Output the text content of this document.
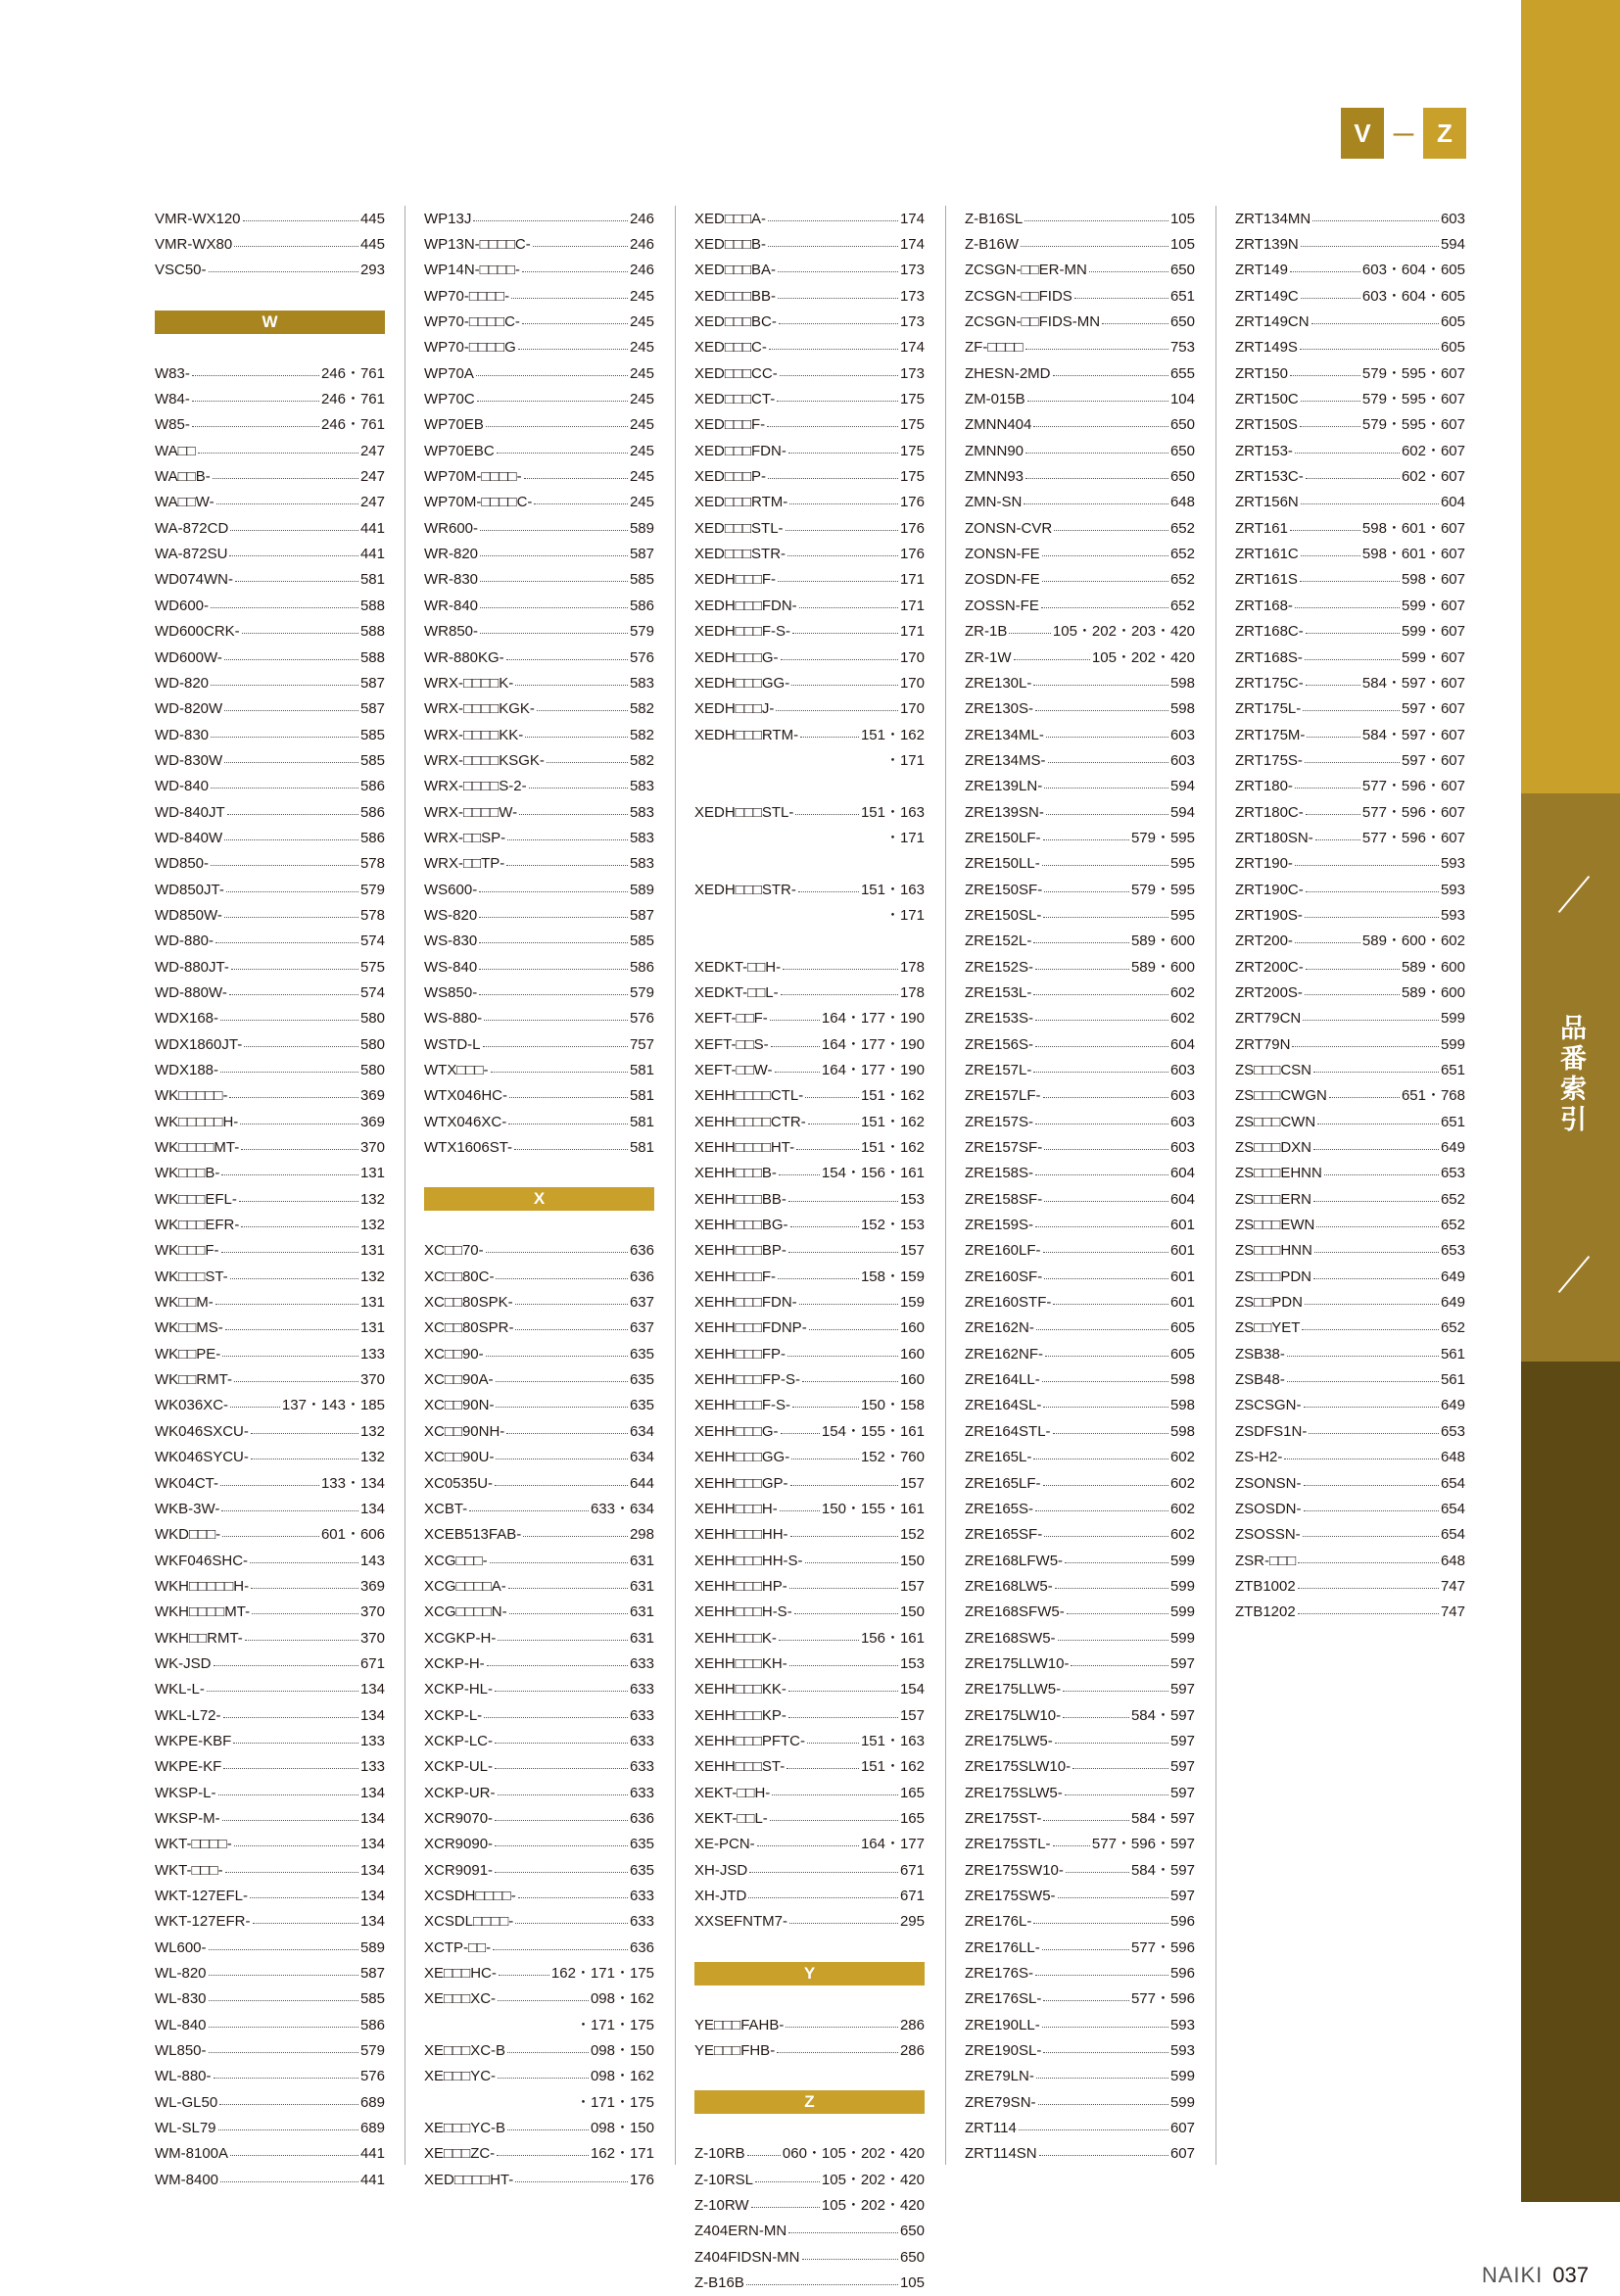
品番索引
V － Z
VMR-WX120	445
VMR-WX80	445
VSC50-	293
W
W83-	246・761
W84-	246・761
W85-	246・761
WA□□	247
WA□□B-	247
WA□□W-	247
WA-872CD	441
WA-872SU	441
WD074WN-	581
WD600-	588
WD600CRK-	588
WD600W-	588
WD-820	587
WD-820W	587
WD-830	585
WD-830W	585
WD-840	586
WD-840JT	586
WD-840W	586
WD850-	578
WD850JT-	579
WD850W-	578
WD-880-	574
WD-880JT-	575
WD-880W-	574
WDX168-	580
WDX1860JT-	580
WDX188-	580
WK□□□□□-	369
WK□□□□□H-	369
WK□□□□MT-	370
WK□□□B-	131
WK□□□EFL-	132
WK□□□EFR-	132
WK□□□F-	131
WK□□□ST-	132
WK□□M-	131
WK□□MS-	131
WK□□PE-	133
WK□□RMT-	370
WK036XC-	137・143・185
WK046SXCU-	132
WK046SYCU-	132
WK04CT-	133・134
WKB-3W-	134
WKD□□□-	601・606
WKF046SHC-	143
WKH□□□□□H-	369
WKH□□□□MT-	370
WKH□□RMT-	370
WK-JSD	671
WKL-L-	134
WKL-L72-	134
WKPE-KBF	133
WKPE-KF	133
WKSP-L-	134
WKSP-M-	134
WKT-□□□□-	134
WKT-□□□-	134
WKT-127EFL-	134
WKT-127EFR-	134
WL600-	589
WL-820	587
WL-830	585
WL-840	586
WL850-	579
WL-880-	576
WL-GL50	689
WL-SL79	689
WM-8100A	441
WM-8400	441
WP13J	246
WP13N-□□□□C-	246
WP14N-□□□□-	246
WP70-□□□□-	245
WP70-□□□□C-	245
WP70-□□□□G	245
WP70A	245
WP70C	245
WP70EB	245
WP70EBC	245
WP70M-□□□□-	245
WP70M-□□□□C-	245
WR600-	589
WR-820	587
WR-830	585
WR-840	586
WR850-	579
WR-880KG-	576
WRX-□□□□K-	583
WRX-□□□□KGK-	582
WRX-□□□□KK-	582
WRX-□□□□KSGK-	582
WRX-□□□□S-2-	583
WRX-□□□□W-	583
WRX-□□SP-	583
WRX-□□TP-	583
WS600-	589
WS-820	587
WS-830	585
WS-840	586
WS850-	579
WS-880-	576
WSTD-L	757
WTX□□□-	581
WTX046HC-	581
WTX046XC-	581
WTX1606ST-	581
X
XC□□70-	636
XC□□80C-	636
XC□□80SPK-	637
XC□□80SPR-	637
XC□□90-	635
XC□□90A-	635
XC□□90N-	635
XC□□90NH-	634
XC□□90U-	634
XC0535U-	644
XCBT-	633・634
XCEB513FAB-	298
XCG□□□-	631
XCG□□□□A-	631
XCG□□□□N-	631
XCGKP-H-	631
XCKP-H-	633
XCKP-HL-	633
XCKP-L-	633
XCKP-LC-	633
XCKP-UL-	633
XCKP-UR-	633
XCR9070-	636
XCR9090-	635
XCR9091-	635
XCSDH□□□□-	633
XCSDL□□□□-	633
XCTP-□□-	636
XE□□□HC-	162・171・175
XE□□□XC-	098・162
・171・175
XE□□□XC-B	098・150
XE□□□YC-	098・162
・171・175
XE□□□YC-B	098・150
XE□□□ZC-	162・171
XED□□□□HT-	176
XED□□□A-	174
XED□□□B-	174
XED□□□BA-	173
XED□□□BB-	173
XED□□□BC-	173
XED□□□C-	174
XED□□□CC-	173
XED□□□CT-	175
XED□□□F-	175
XED□□□FDN-	175
XED□□□P-	175
XED□□□RTM-	176
XED□□□STL-	176
XED□□□STR-	176
XEDH□□□F-	171
XEDH□□□FDN-	171
XEDH□□□F-S-	171
XEDH□□□G-	170
XEDH□□□GG-	170
XEDH□□□J-	170
XEDH□□□RTM-	151・162
・171
XEDH□□□STL-	151・163
・171
XEDH□□□STR-	151・163
・171
XEDKT-□□H-	178
XEDKT-□□L-	178
XEFT-□□F-	164・177・190
XEFT-□□S-	164・177・190
XEFT-□□W-	164・177・190
XEHH□□□□CTL-	151・162
XEHH□□□□CTR-	151・162
XEHH□□□□HT-	151・162
XEHH□□□B-	154・156・161
XEHH□□□BB-	153
XEHH□□□BG-	152・153
XEHH□□□BP-	157
XEHH□□□F-	158・159
XEHH□□□FDN-	159
XEHH□□□FDNP-	160
XEHH□□□FP-	160
XEHH□□□FP-S-	160
XEHH□□□F-S-	150・158
XEHH□□□G-	154・155・161
XEHH□□□GG-	152・760
XEHH□□□GP-	157
XEHH□□□H-	150・155・161
XEHH□□□HH-	152
XEHH□□□HH-S-	150
XEHH□□□HP-	157
XEHH□□□H-S-	150
XEHH□□□K-	156・161
XEHH□□□KH-	153
XEHH□□□KK-	154
XEHH□□□KP-	157
XEHH□□□PFTC-	151・163
XEHH□□□ST-	151・162
XEKT-□□H-	165
XEKT-□□L-	165
XE-PCN-	164・177
XH-JSD	671
XH-JTD	671
XXSEFNTM7-	295
Y
YE□□□FAHB-	286
YE□□□FHB-	286
Z
Z-10RB	060・105・202・420
Z-10RSL	105・202・420
Z-10RW	105・202・420
Z404ERN-MN	650
Z404FIDSN-MN	650
Z-B16B	105
Z-B16SL	105
Z-B16W	105
ZCSGN-□□ER-MN	650
ZCSGN-□□FIDS	651
ZCSGN-□□FIDS-MN	650
ZF-□□□□	753
ZHESN-2MD	655
ZM-015B	104
ZMNN404	650
ZMNN90	650
ZMNN93	650
ZMN-SN	648
ZONSN-CVR	652
ZONSN-FE	652
ZOSDN-FE	652
ZOSSN-FE	652
ZR-1B	105・202・203・420
ZR-1W	105・202・420
ZRE130L-	598
ZRE130S-	598
ZRE134ML-	603
ZRE134MS-	603
ZRE139LN-	594
ZRE139SN-	594
ZRE150LF-	579・595
ZRE150LL-	595
ZRE150SF-	579・595
ZRE150SL-	595
ZRE152L-	589・600
ZRE152S-	589・600
ZRE153L-	602
ZRE153S-	602
ZRE156S-	604
ZRE157L-	603
ZRE157LF-	603
ZRE157S-	603
ZRE157SF-	603
ZRE158S-	604
ZRE158SF-	604
ZRE159S-	601
ZRE160LF-	601
ZRE160SF-	601
ZRE160STF-	601
ZRE162N-	605
ZRE162NF-	605
ZRE164LL-	598
ZRE164SL-	598
ZRE164STL-	598
ZRE165L-	602
ZRE165LF-	602
ZRE165S-	602
ZRE165SF-	602
ZRE168LFW5-	599
ZRE168LW5-	599
ZRE168SFW5-	599
ZRE168SW5-	599
ZRE175LLW10-	597
ZRE175LLW5-	597
ZRE175LW10-	584・597
ZRE175LW5-	597
ZRE175SLW10-	597
ZRE175SLW5-	597
ZRE175ST-	584・597
ZRE175STL-	577・596・597
ZRE175SW10-	584・597
ZRE175SW5-	597
ZRE176L-	596
ZRE176LL-	577・596
ZRE176S-	596
ZRE176SL-	577・596
ZRE190LL-	593
ZRE190SL-	593
ZRE79LN-	599
ZRE79SN-	599
ZRT114	607
ZRT114SN	607
ZRT134MN	603
ZRT139N	594
ZRT149	603・604・605
ZRT149C	603・604・605
ZRT149CN	605
ZRT149S	605
ZRT150	579・595・607
ZRT150C	579・595・607
ZRT150S	579・595・607
ZRT153-	602・607
ZRT153C-	602・607
ZRT156N	604
ZRT161	598・601・607
ZRT161C	598・601・607
ZRT161S	598・607
ZRT168-	599・607
ZRT168C-	599・607
ZRT168S-	599・607
ZRT175C-	584・597・607
ZRT175L-	597・607
ZRT175M-	584・597・607
ZRT175S-	597・607
ZRT180-	577・596・607
ZRT180C-	577・596・607
ZRT180SN-	577・596・607
ZRT190-	593
ZRT190C-	593
ZRT190S-	593
ZRT200-	589・600・602
ZRT200C-	589・600
ZRT200S-	589・600
ZRT79CN	599
ZRT79N	599
ZS□□□CSN	651
ZS□□□CWGN	651・768
ZS□□□CWN	651
ZS□□□DXN	649
ZS□□□EHNN	653
ZS□□□ERN	652
ZS□□□EWN	652
ZS□□□HNN	653
ZS□□□PDN	649
ZS□□PDN	649
ZS□□YET	652
ZSB38-	561
ZSB48-	561
ZSCSGN-	649
ZSDFS1N-	653
ZS-H2-	648
ZSONSN-	654
ZSOSDN-	654
ZSOSSN-	654
ZSR-□□□	648
ZTB1002	747
ZTB1202	747
NAIKI 037
